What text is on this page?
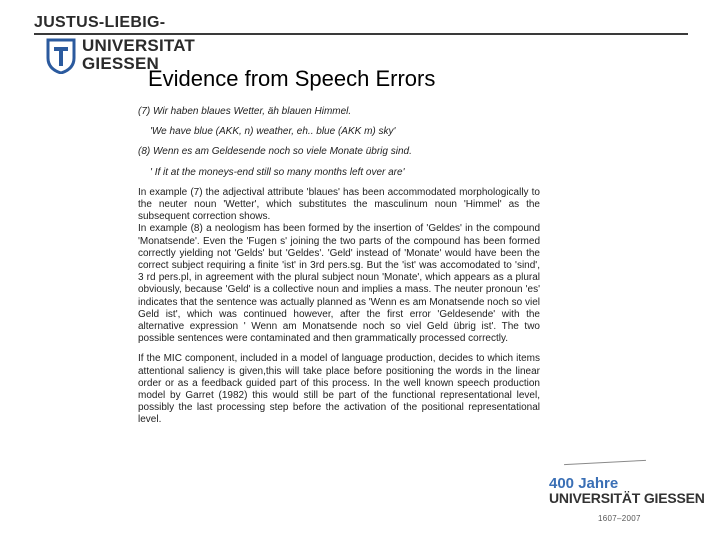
JUSTUS-LIEBIG-
UNIVERSITAT
GIESSEN
Evidence from Speech Errors

(7) Wir haben blaues Wetter, äh blauen Himmel.

'We have blue (AKK, n) weather, eh.. blue (AKK m) sky'

(8) Wenn es am Geldesende noch so viele Monate übrig sind.

' If it at the moneys-end still so many months left over are'

In example (7) the adjectival attribute 'blaues' has been accommodated morphologically to the neuter noun 'Wetter', which substitutes the masculinum noun 'Himmel' as the subsequent correction shows.

In example (8) a neologism has been formed by the insertion of 'Geldes' in the compound 'Monatsende'. Even the 'Fugen s' joining the two parts of the compound has been formed correctly yielding not 'Gelds' but 'Geldes'. 'Geld' instead of 'Monate' would have been the correct subject requiring a finite 'ist' in 3rd pers.sg. But the 'ist' was accomodated to 'sind', 3 rd pers.pl, in agreement with the plural subject noun 'Monate', which appears as a plural obviously, because 'Geld' is a collective noun and implies a mass. The neuter pronoun 'es' indicates that the sentence was actually planned as 'Wenn es am Monatsende noch so viel Geld ist', which was continued however, after the first error 'Geldesende' with the alternative expression ' Wenn am Monatsende noch so viel Geld übrig ist'. The two possible sentences were contaminated and then grammatically processed correctly.

If the MIC component, included in a model of language production, decides to which items attentional saliency is given,this will take place before positioning the words in the linear order or as a feedback guided part of this process. In the well known speech production model by Garret (1982) this would still be part of the functional representational level, possibly the last processing step before the activation of the positional representational level.

400 Jahre
UNIVERSITÄT GIESSEN
1607–2007
